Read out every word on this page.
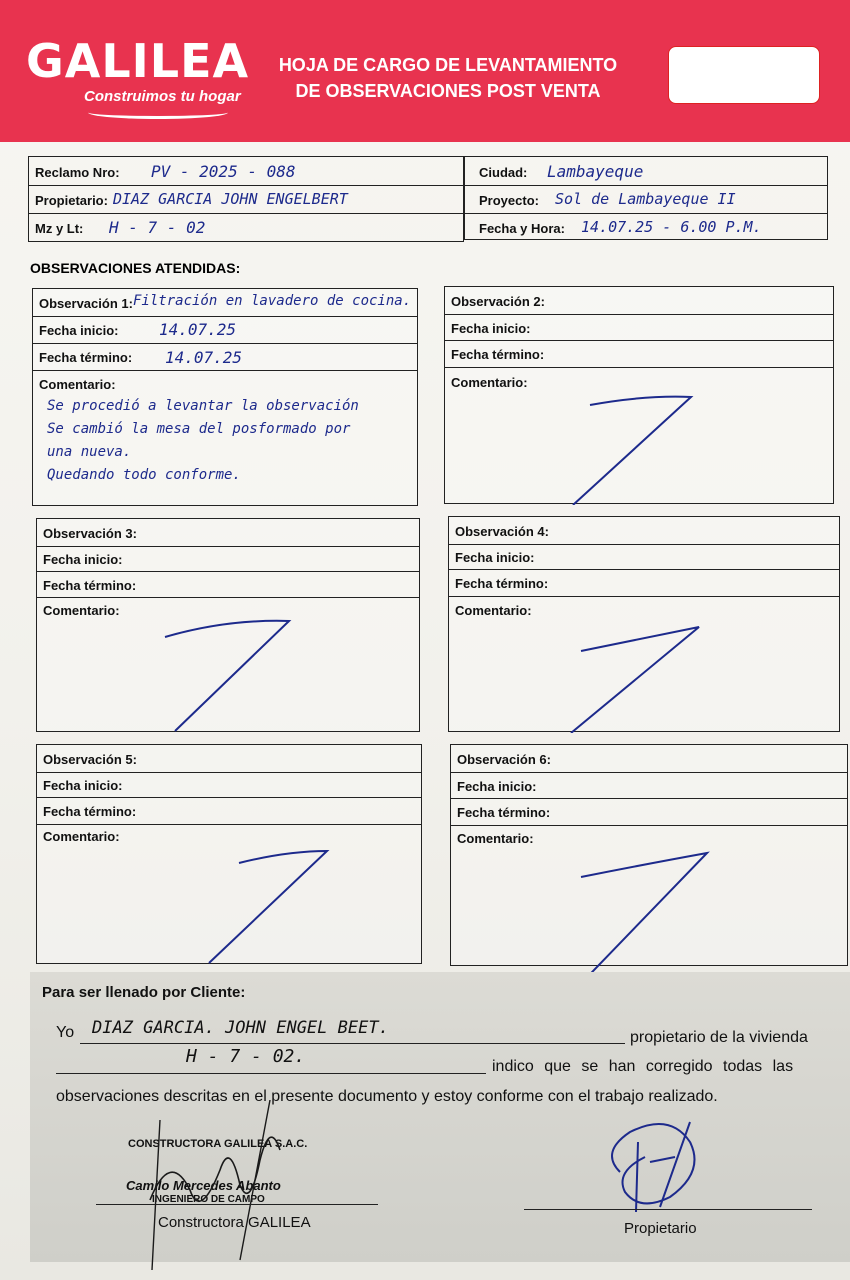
GALILEA
Construimos tu hogar
HOJA DE CARGO DE LEVANTAMIENTO
DE OBSERVACIONES POST VENTA
Reclamo Nro: PV - 2025 - 088
Propietario: DIAZ GARCIA JOHN ENGELBERT
Mz y Lt: H - 7 - 02
Ciudad: Lambayeque
Proyecto: Sol de Lambayeque II
Fecha y Hora: 14.07.25 - 6.00 P.M.
OBSERVACIONES ATENDIDAS:
Observación 1: Filtración en lavadero de cocina.
Fecha inicio:	14.07.25
Fecha término: 14.07.25
Comentario:
Se procedió a levantar la observación
Se cambió la mesa del posformado por
una nueva.
Quedando todo conforme.
Observación 2:
Fecha inicio:
Fecha término:
Comentario:
Observación 3:
Fecha inicio:
Fecha término:
Comentario:
Observación 4:
Fecha inicio:
Fecha término:
Comentario:
Observación 5:
Fecha inicio:
Fecha término:
Comentario:
Observación 6:
Fecha inicio:
Fecha término:
Comentario:
Para ser llenado por Cliente:
Yo DIAZ GARCIA. JOHN ENGEL BEET.	propietario de la vivienda
H - 7 - 02.	indico que se han corregido todas las
observaciones descritas en el presente documento y estoy conforme con el trabajo realizado.
CONSTRUCTORA GALILEA S.A.C.
Camilo Mercedes Abanto
INGENIERO DE CAMPO
Constructora GALILEA	Propietario
